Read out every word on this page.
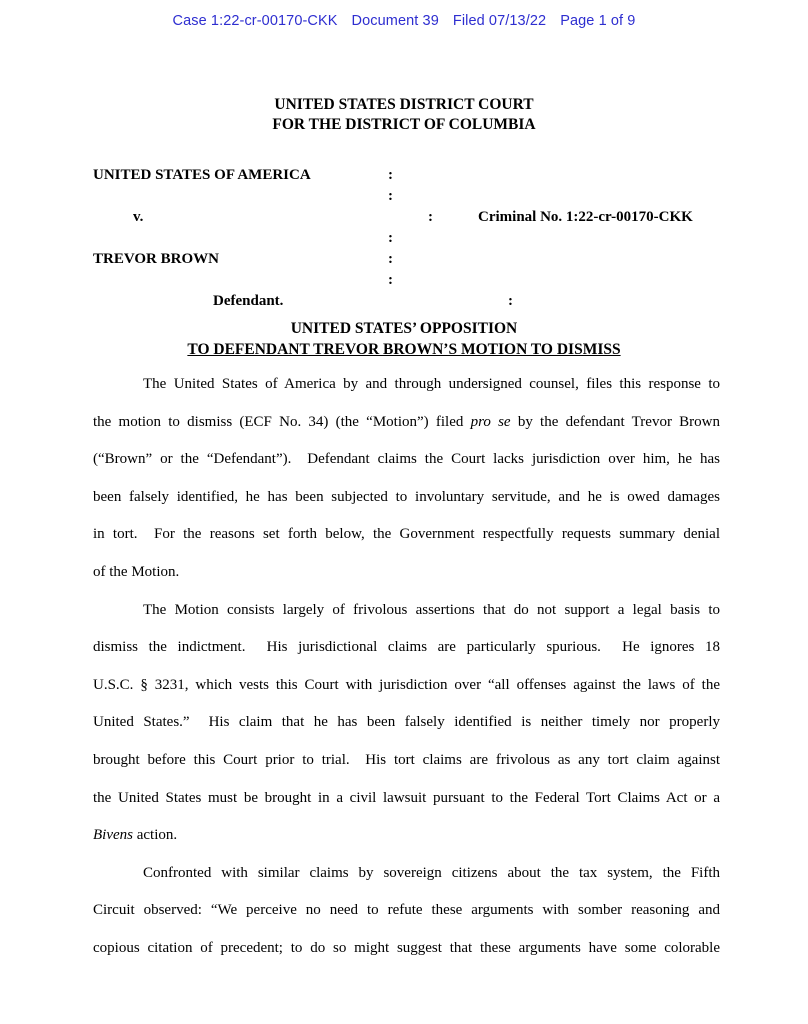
Case 1:22-cr-00170-CKK Document 39 Filed 07/13/22 Page 1 of 9
UNITED STATES DISTRICT COURT
FOR THE DISTRICT OF COLUMBIA
UNITED STATES OF AMERICA	:
:
v.	:	Criminal No. 1:22-cr-00170-CKK
:
TREVOR BROWN	:
:
Defendant.	:
UNITED STATES’ OPPOSITION
TO DEFENDANT TREVOR BROWN’S MOTION TO DISMISS
The United States of America by and through undersigned counsel, files this response to
the motion to dismiss (ECF No. 34) (the “Motion”) filed pro se by the defendant Trevor Brown
(“Brown” or the “Defendant”).  Defendant claims the Court lacks jurisdiction over him, he has
been falsely identified, he has been subjected to involuntary servitude, and he is owed damages
in tort.  For the reasons set forth below, the Government respectfully requests summary denial
of the Motion.
The Motion consists largely of frivolous assertions that do not support a legal basis to
dismiss the indictment.  His jurisdictional claims are particularly spurious.  He ignores 18
U.S.C. § 3231, which vests this Court with jurisdiction over “all offenses against the laws of the
United States.”  His claim that he has been falsely identified is neither timely nor properly
brought before this Court prior to trial.  His tort claims are frivolous as any tort claim against
the United States must be brought in a civil lawsuit pursuant to the Federal Tort Claims Act or a
Bivens action.
Confronted with similar claims by sovereign citizens about the tax system, the Fifth
Circuit observed: “We perceive no need to refute these arguments with somber reasoning and
copious citation of precedent; to do so might suggest that these arguments have some colorable
